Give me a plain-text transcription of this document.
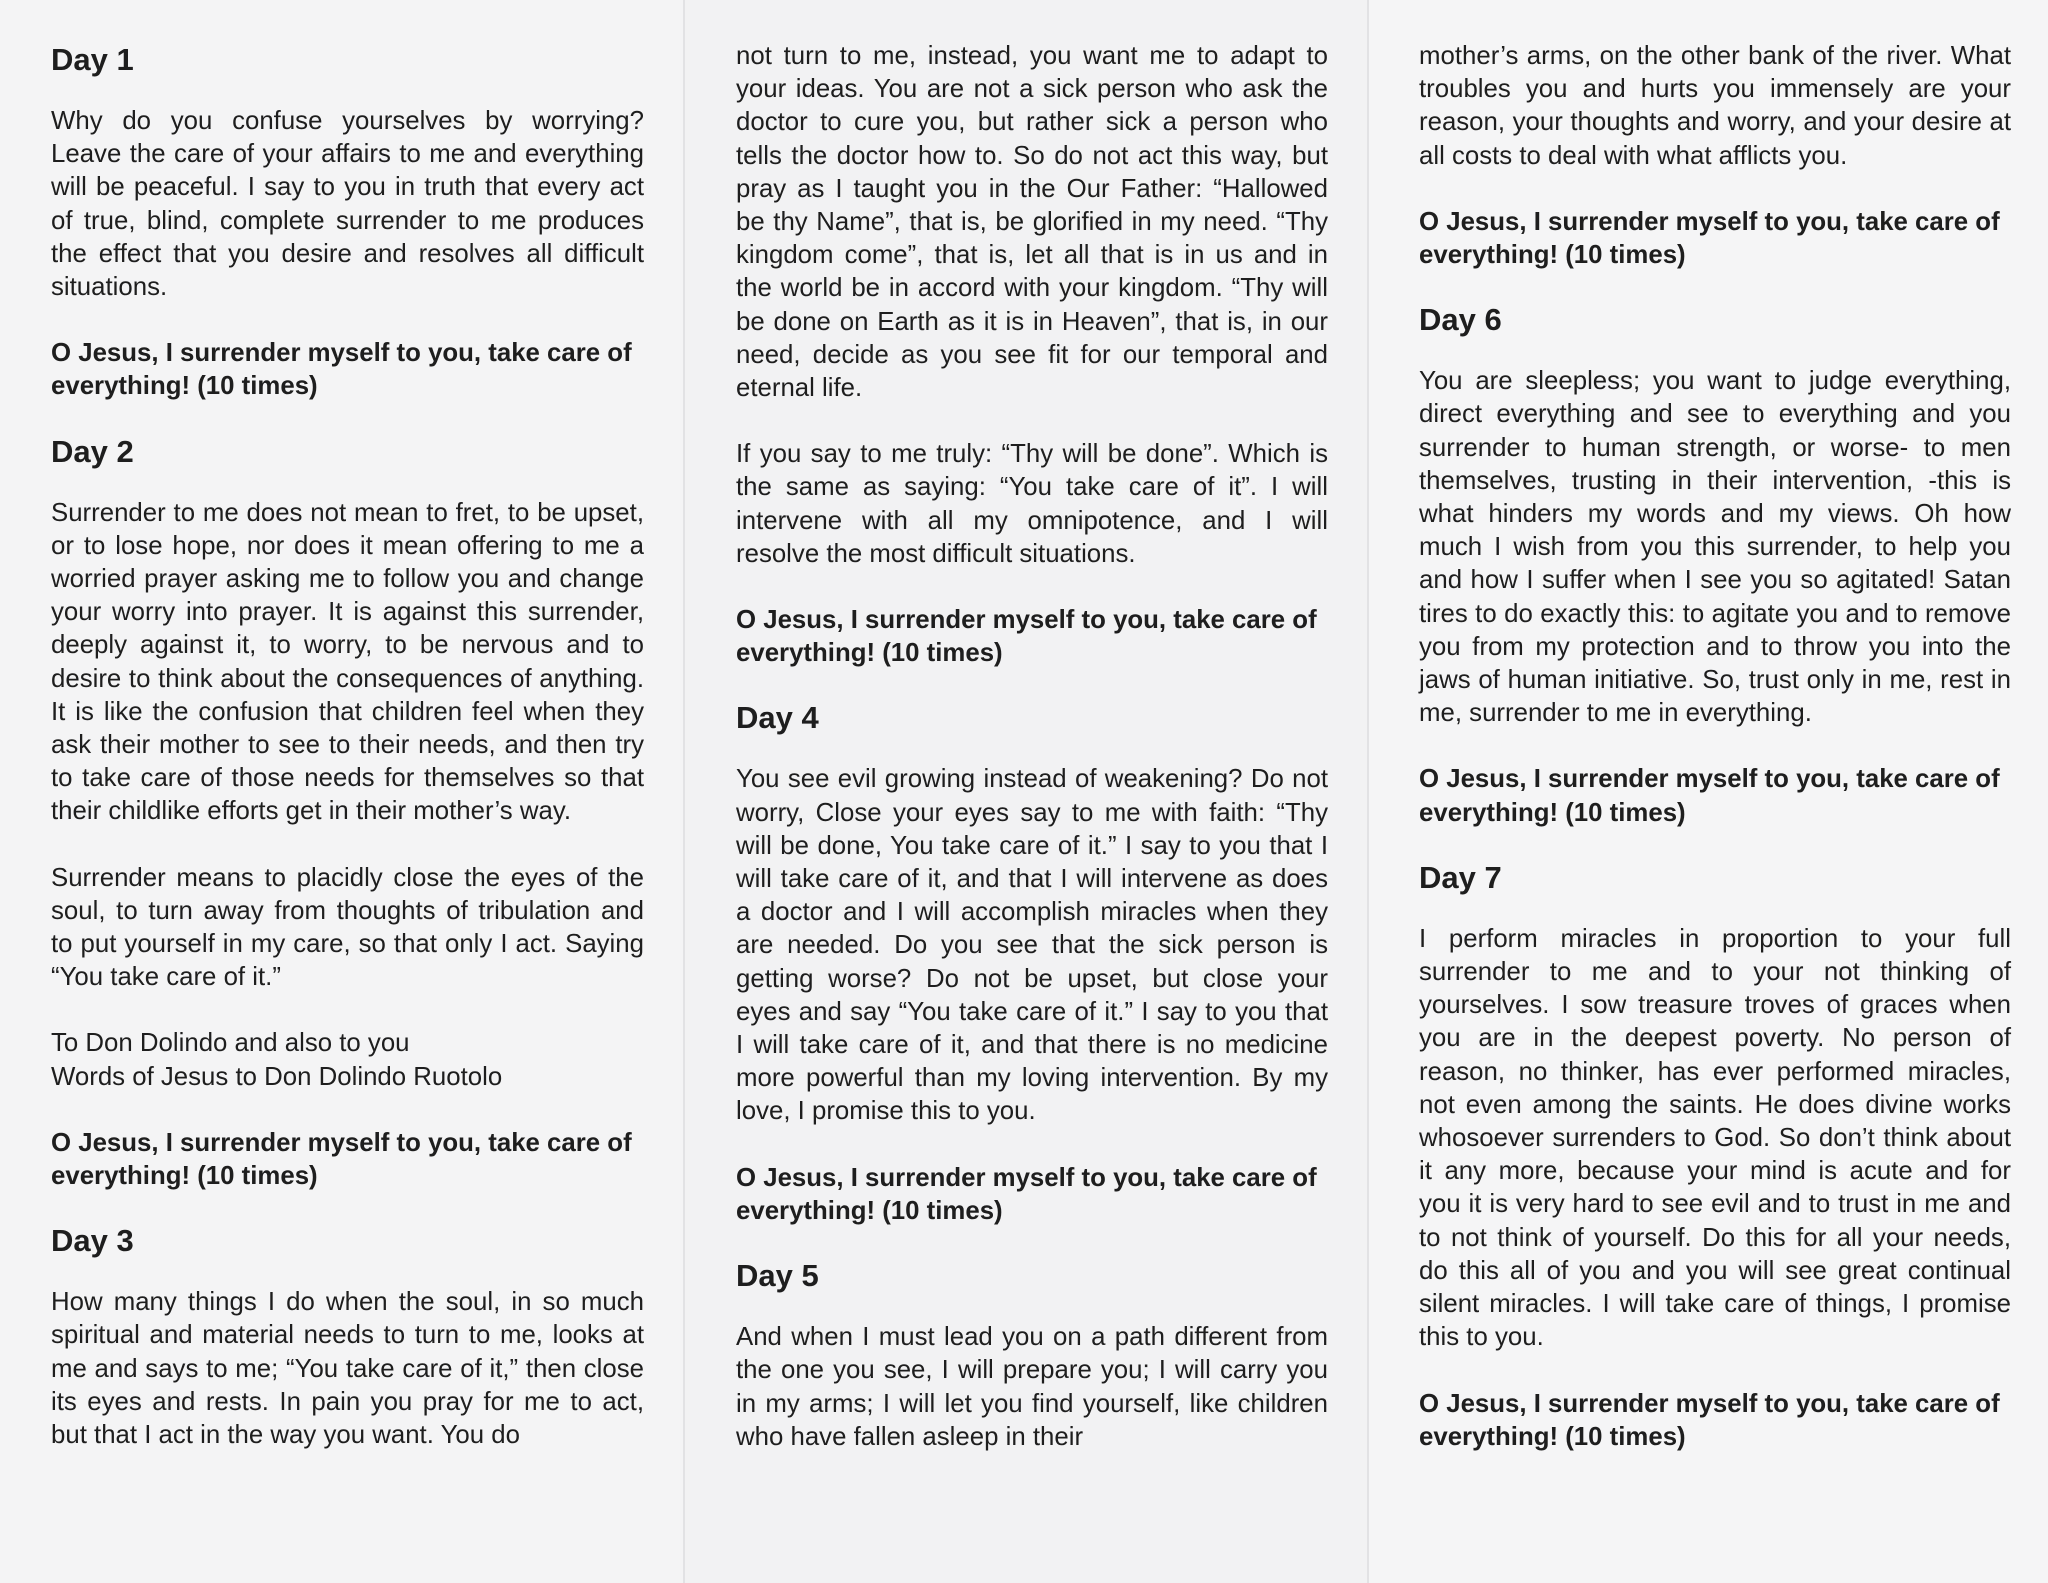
Day 1

Why do you confuse yourselves by worrying? Leave the care of your affairs to me and everything will be peaceful. I say to you in truth that every act of true, blind, complete surrender to me produces the effect that you desire and resolves all difficult situations.

O Jesus, I surrender myself to you, take care of everything! (10 times)

Day 2

Surrender to me does not mean to fret, to be upset, or to lose hope, nor does it mean offering to me a worried prayer asking me to follow you and change your worry into prayer. It is against this surrender, deeply against it, to worry, to be nervous and to desire to think about the consequences of anything. It is like the confusion that children feel when they ask their mother to see to their needs, and then try to take care of those needs for themselves so that their childlike efforts get in their mother’s way.

Surrender means to placidly close the eyes of the soul, to turn away from thoughts of tribulation and to put yourself in my care, so that only I act. Saying “You take care of it.”

To Don Dolindo and also to you
Words of Jesus to Don Dolindo Ruotolo

O Jesus, I surrender myself to you, take care of everything! (10 times)

Day 3

How many things I do when the soul, in so much spiritual and material needs to turn to me, looks at me and says to me; “You take care of it,” then close its eyes and rests. In pain you pray for me to act, but that I act in the way you want. You do

not turn to me, instead, you want me to adapt to your ideas. You are not a sick person who ask the doctor to cure you, but rather sick a person who tells the doctor how to. So do not act this way, but pray as I taught you in the Our Father: “Hallowed be thy Name”, that is, be glorified in my need. “Thy kingdom come”, that is, let all that is in us and in the world be in accord with your kingdom. “Thy will be done on Earth as it is in Heaven”, that is, in our need, decide as you see fit for our temporal and eternal life.

If you say to me truly: “Thy will be done”. Which is the same as saying: “You take care of it”. I will intervene with all my omnipotence, and I will resolve the most difficult situations.

O Jesus, I surrender myself to you, take care of everything! (10 times)

Day 4

You see evil growing instead of weakening? Do not worry, Close your eyes say to me with faith: “Thy will be done, You take care of it.” I say to you that I will take care of it, and that I will intervene as does a doctor and I will accomplish miracles when they are needed. Do you see that the sick person is getting worse? Do not be upset, but close your eyes and say “You take care of it.” I say to you that I will take care of it, and that there is no medicine more powerful than my loving intervention. By my love, I promise this to you.

O Jesus, I surrender myself to you, take care of everything! (10 times)

Day 5

And when I must lead you on a path different from the one you see, I will prepare you; I will carry you in my arms; I will let you find yourself, like children who have fallen asleep in their

mother’s arms, on the other bank of the river. What troubles you and hurts you immensely are your reason, your thoughts and worry, and your desire at all costs to deal with what afflicts you.

O Jesus, I surrender myself to you, take care of everything! (10 times)

Day 6

You are sleepless; you want to judge everything, direct everything and see to everything and you surrender to human strength, or worse- to men themselves, trusting in their intervention, -this is what hinders my words and my views. Oh how much I wish from you this surrender, to help you and how I suffer when I see you so agitated! Satan tires to do exactly this: to agitate you and to remove you from my protection and to throw you into the jaws of human initiative. So, trust only in me, rest in me, surrender to me in everything.

O Jesus, I surrender myself to you, take care of everything! (10 times)

Day 7

I perform miracles in proportion to your full surrender to me and to your not thinking of yourselves. I sow treasure troves of graces when you are in the deepest poverty. No person of reason, no thinker, has ever performed miracles, not even among the saints. He does divine works whosoever surrenders to God. So don’t think about it any more, because your mind is acute and for you it is very hard to see evil and to trust in me and to not think of yourself. Do this for all your needs, do this all of you and you will see great continual silent miracles. I will take care of things, I promise this to you.

O Jesus, I surrender myself to you, take care of everything! (10 times)
